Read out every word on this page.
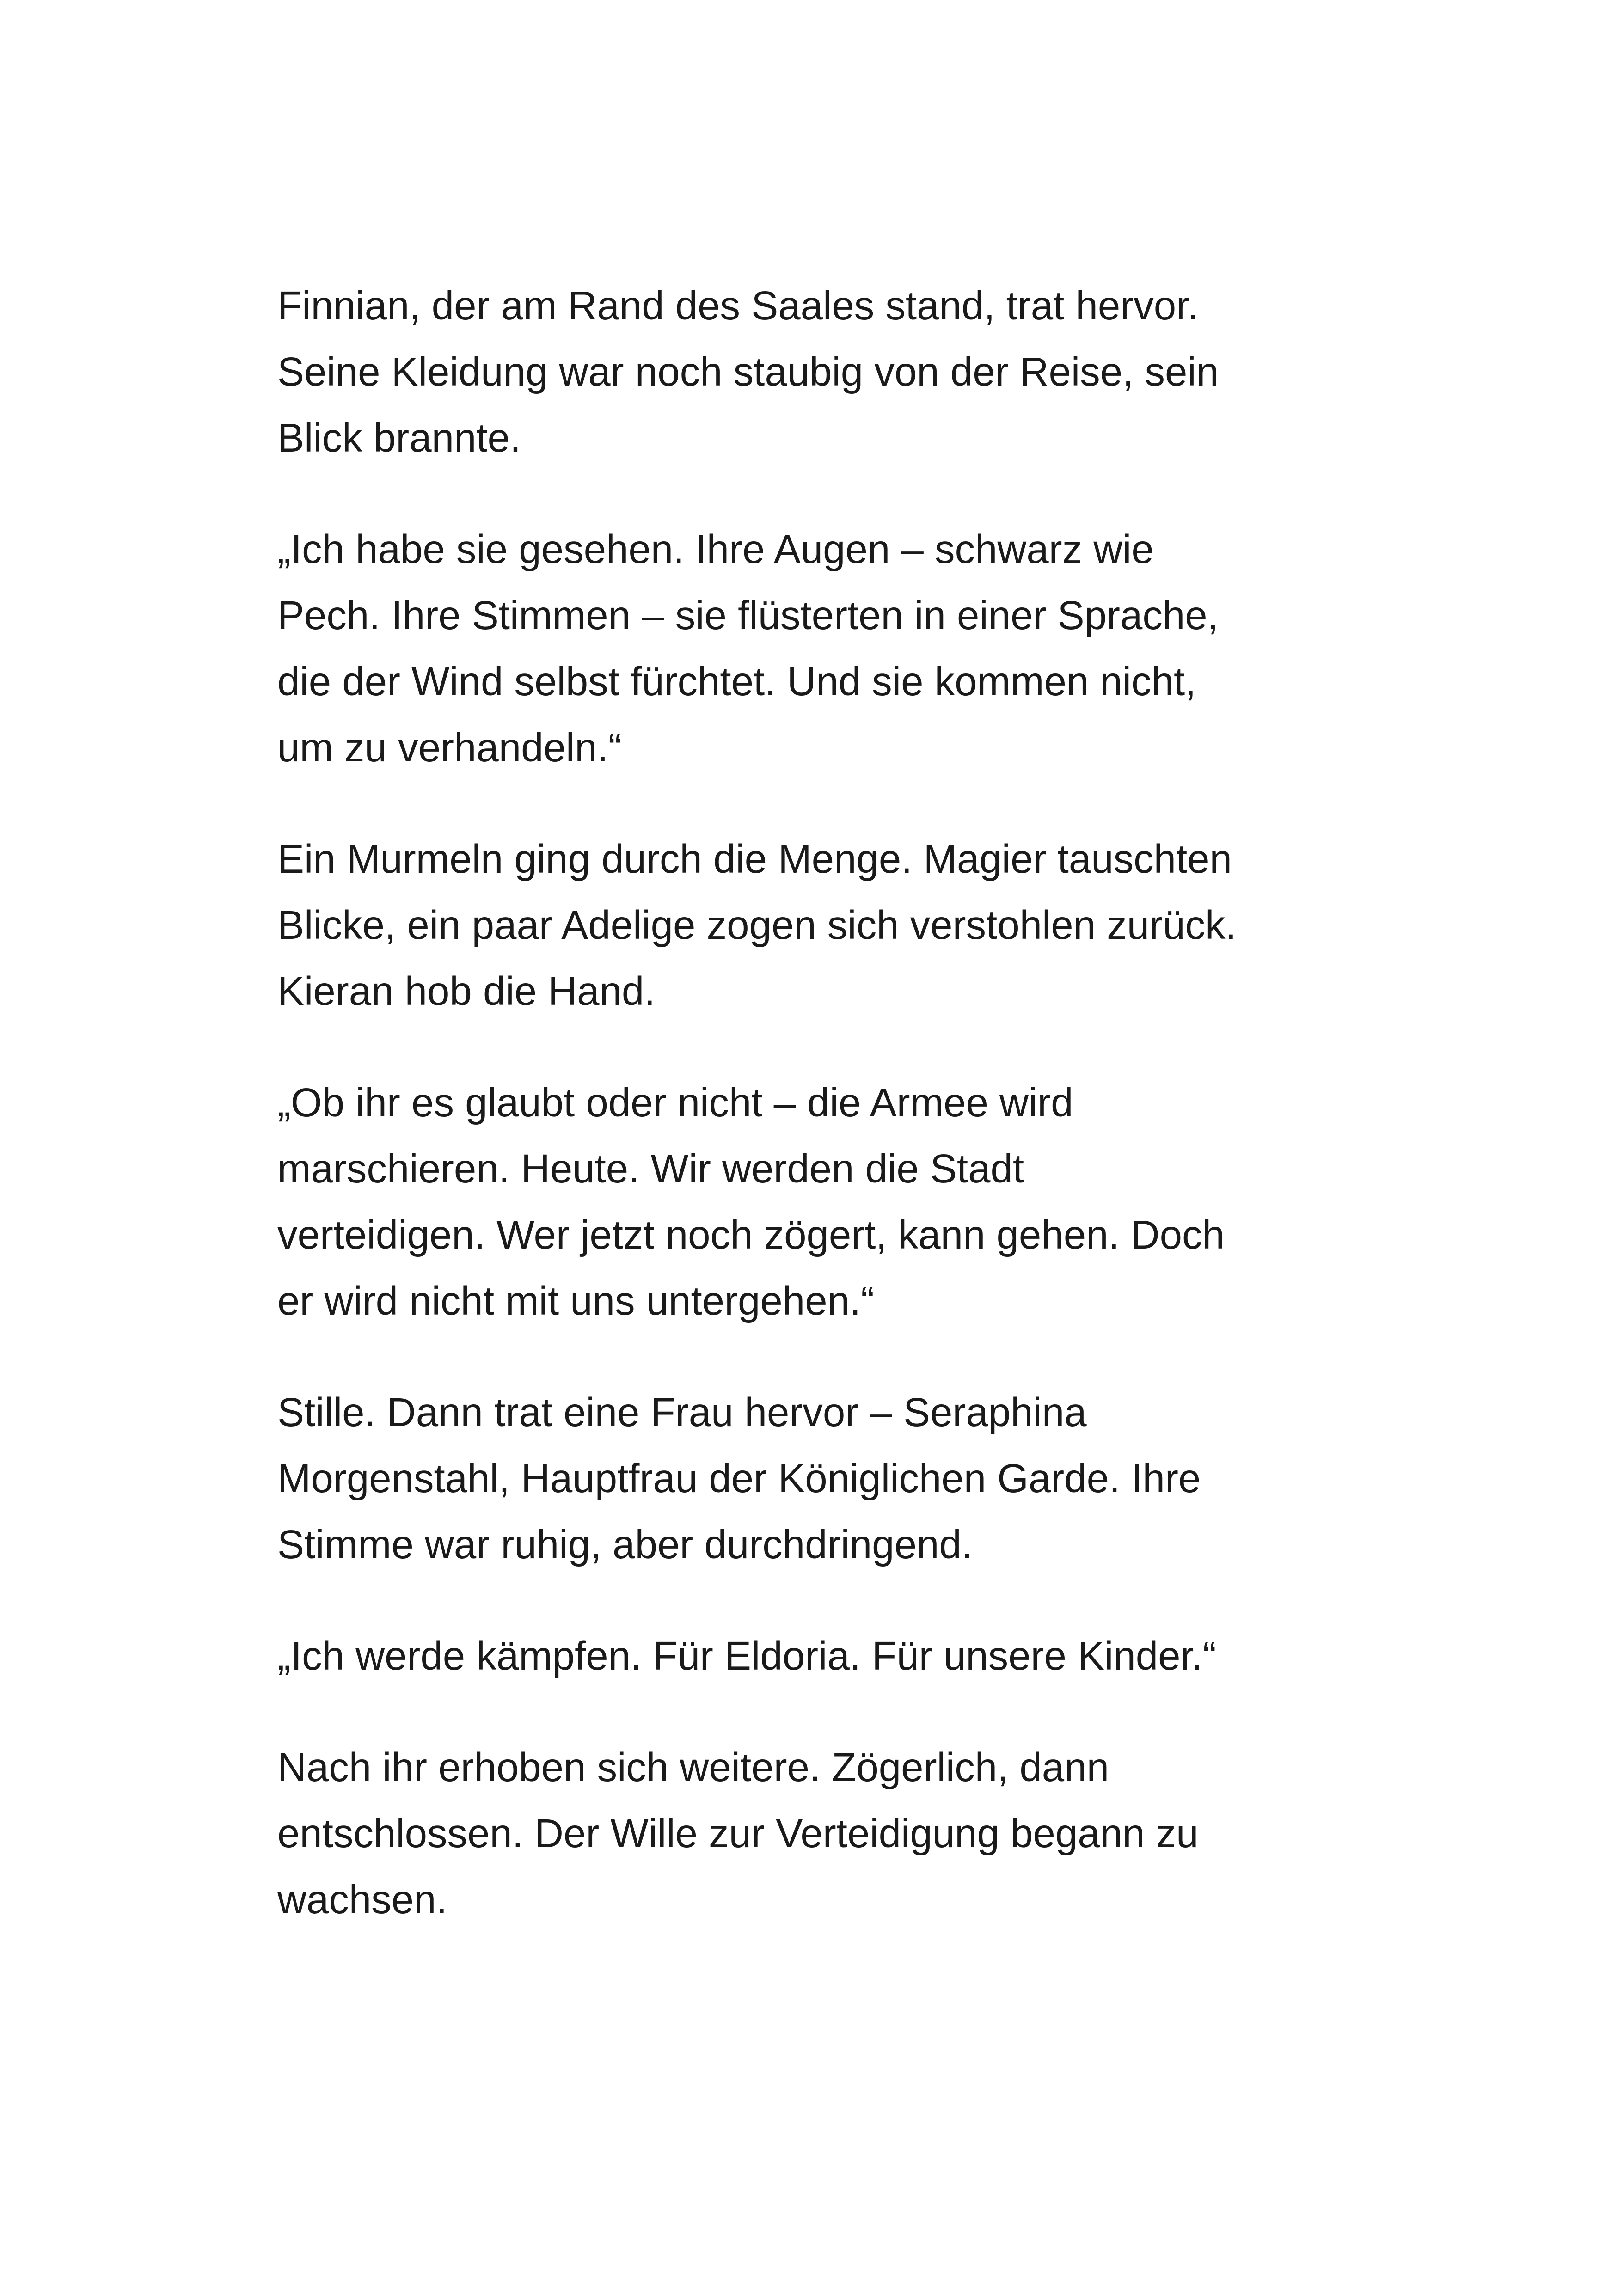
Finnian, der am Rand des Saales stand, trat hervor.
Seine Kleidung war noch staubig von der Reise, sein
Blick brannte.

„Ich habe sie gesehen. Ihre Augen – schwarz wie
Pech. Ihre Stimmen – sie flüsterten in einer Sprache,
die der Wind selbst fürchtet. Und sie kommen nicht,
um zu verhandeln.“

Ein Murmeln ging durch die Menge. Magier tauschten
Blicke, ein paar Adelige zogen sich verstohlen zurück.
Kieran hob die Hand.

„Ob ihr es glaubt oder nicht – die Armee wird
marschieren. Heute. Wir werden die Stadt
verteidigen. Wer jetzt noch zögert, kann gehen. Doch
er wird nicht mit uns untergehen.“

Stille. Dann trat eine Frau hervor – Seraphina
Morgenstahl, Hauptfrau der Königlichen Garde. Ihre
Stimme war ruhig, aber durchdringend.

„Ich werde kämpfen. Für Eldoria. Für unsere Kinder.“

Nach ihr erhoben sich weitere. Zögerlich, dann
entschlossen. Der Wille zur Verteidigung begann zu
wachsen.
